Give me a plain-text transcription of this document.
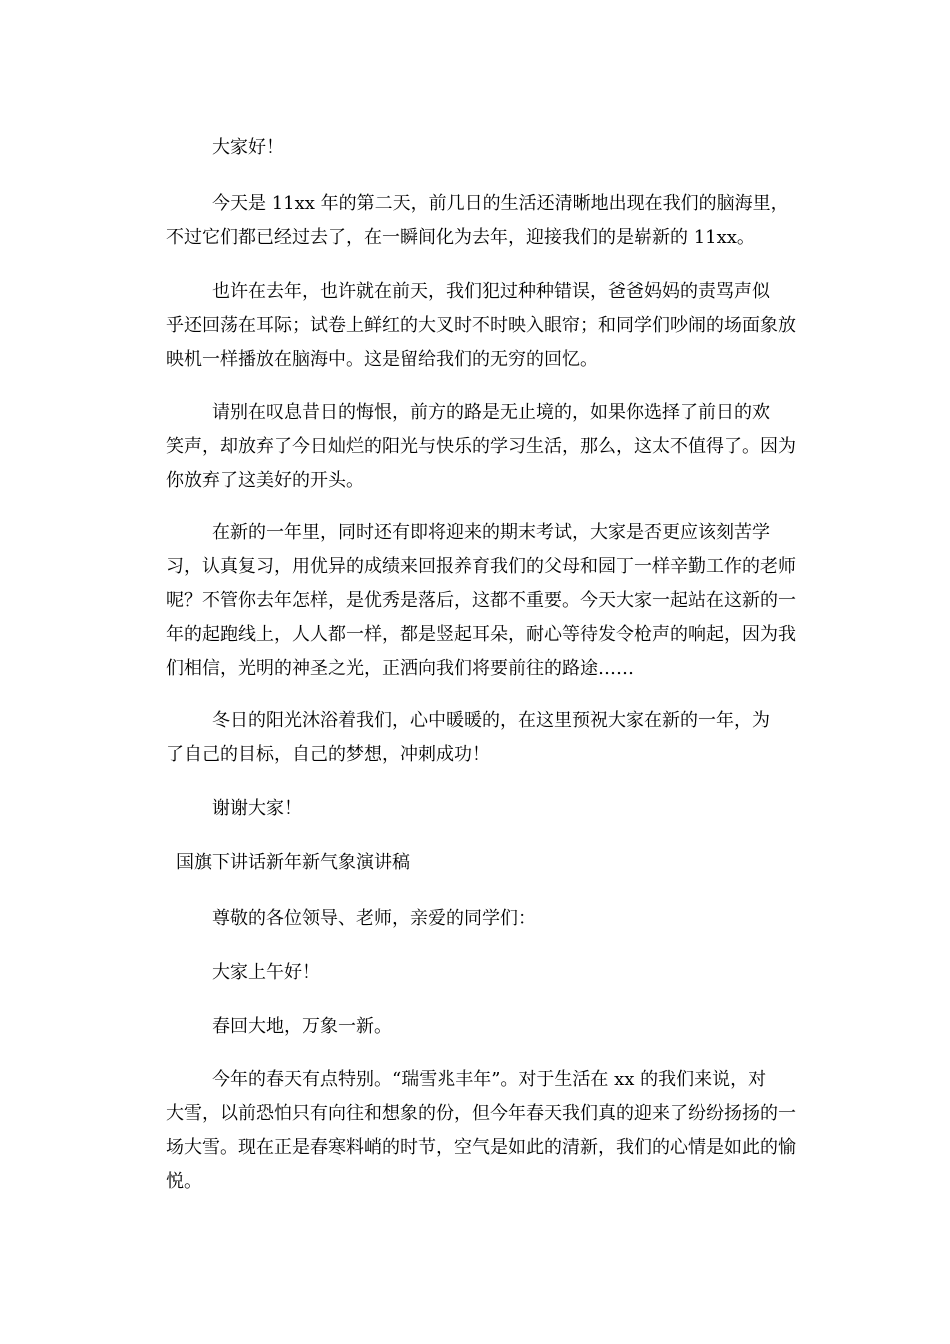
大家好！
今天是 11xx 年的第二天，前几日的生活还清晰地出现在我们的脑海里，
不过它们都已经过去了，在一瞬间化为去年，迎接我们的是崭新的 11xx。
也许在去年，也许就在前天，我们犯过种种错误，爸爸妈妈的责骂声似
乎还回荡在耳际；试卷上鲜红的大叉时不时映入眼帘；和同学们吵闹的场面象放
映机一样播放在脑海中。这是留给我们的无穷的回忆。
请别在叹息昔日的悔恨，前方的路是无止境的，如果你选择了前日的欢
笑声，却放弃了今日灿烂的阳光与快乐的学习生活，那么，这太不值得了。因为
你放弃了这美好的开头。
在新的一年里，同时还有即将迎来的期末考试，大家是否更应该刻苦学
习，认真复习，用优异的成绩来回报养育我们的父母和园丁一样辛勤工作的老师
呢？不管你去年怎样，是优秀是落后，这都不重要。今天大家一起站在这新的一
年的起跑线上，人人都一样，都是竖起耳朵，耐心等待发令枪声的响起，因为我
们相信，光明的神圣之光，正洒向我们将要前往的路途……
冬日的阳光沐浴着我们，心中暖暖的，在这里预祝大家在新的一年，为
了自己的目标，自己的梦想，冲刺成功！
谢谢大家！
国旗下讲话新年新气象演讲稿
尊敬的各位领导、老师，亲爱的同学们：
大家上午好！
春回大地，万象一新。
今年的春天有点特别。“瑞雪兆丰年”。对于生活在 xx 的我们来说，对
大雪，以前恐怕只有向往和想象的份，但今年春天我们真的迎来了纷纷扬扬的一
场大雪。现在正是春寒料峭的时节，空气是如此的清新，我们的心情是如此的愉
悦。
